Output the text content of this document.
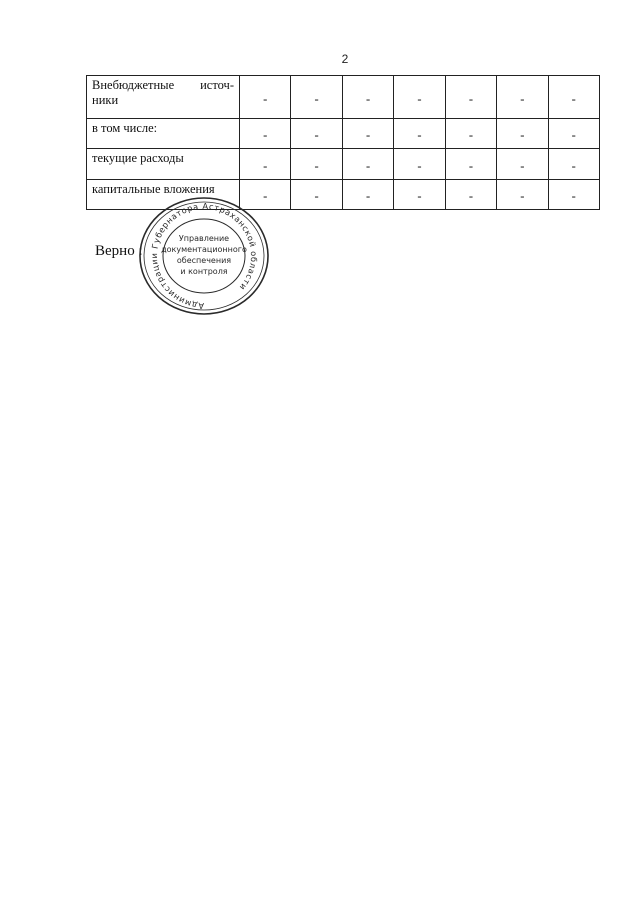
2
Внебюджетные источ-
ники	-	-	-	-	-	-	-
в том числе:	-	-	-	-	-	-	-
текущие расходы	-	-	-	-	-	-	-
капитальные вложения	-	-	-	-	-	-	-
Верно :
Администрации Губернатора Астраханской области
Управление
документационного
обеспечения
и контроля
